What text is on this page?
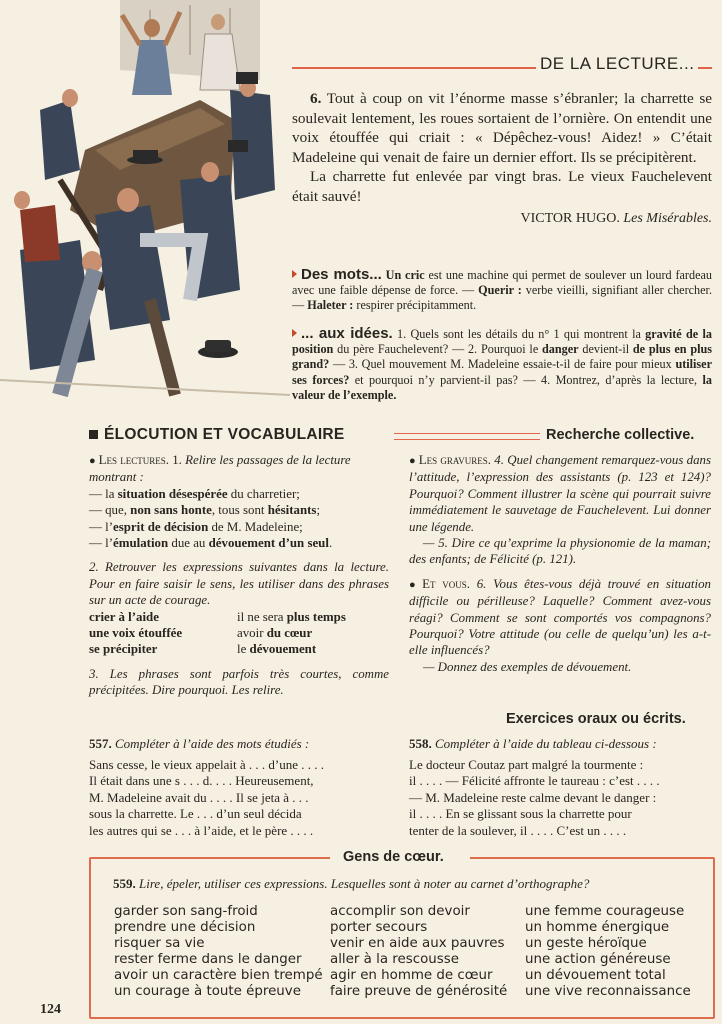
DE LA LECTURE...
6. Tout à coup on vit l’énorme masse s’ébranler; la charrette se soulevait lentement, les roues sortaient de l’ornière. On entendit une voix étouffée qui criait : « Dépêchez-vous! Aidez! » C’était Madeleine qui venait de faire un dernier effort. Ils se précipitèrent.
La charrette fut enlevée par vingt bras. Le vieux Fauchelevent était sauvé!
VICTOR HUGO. Les Misérables.
Des mots... Un cric est une machine qui permet de soulever un lourd fardeau avec une faible dépense de force. — Querir : verbe vieilli, signifiant aller chercher. — Haleter : respirer précipitamment.
... aux idées. 1. Quels sont les détails du n° 1 qui montrent la gravité de la position du père Fauchelevent? — 2. Pourquoi le danger devient-il de plus en plus grand? — 3. Quel mouvement M. Madeleine essaie-t-il de faire pour mieux utiliser ses forces? et pourquoi n’y parvient-il pas? — 4. Montrez, d’après la lecture, la valeur de l’exemple.
ÉLOCUTION ET VOCABULAIRE	Recherche collective.

● Les lectures. 1. Relire les passages de la lecture montrant :

— la situation désespérée du charretier;

— que, non sans honte, tous sont hésitants;

— l’esprit de décision de M. Madeleine;

— l’émulation due au dévouement d’un seul.

2. Retrouver les expressions suivantes dans la lecture. Pour en faire saisir le sens, les utiliser dans des phrases sur un acte de courage.

crier à l’aide
une voix étouffée
se précipiter
il ne sera plus temps
avoir du cœur
le dévouement

3. Les phrases sont parfois très courtes, comme précipitées. Dire pourquoi. Les relire.

● Les gravures. 4. Quel changement remarquez-vous dans l’attitude, l’expression des assistants (p. 123 et 124)? Pourquoi? Comment illustrer la scène qui pourrait suivre immédiatement le sauvetage de Fauchelevent. Lui donner une légende.

— 5. Dire ce qu’exprime la physionomie de la maman; des enfants; de Félicité (p. 121).

● Et vous. 6. Vous êtes-vous déjà trouvé en situation difficile ou périlleuse? Laquelle? Comment avez-vous réagi? Comment se sont comportés vos compagnons? Pourquoi? Votre attitude (ou celle de quelqu’un) les a-t-elle influencés?

— Donnez des exemples de dévouement.

Exercices oraux ou écrits.
557. Compléter à l’aide des mots étudiés :
Sans cesse, le vieux appelait à . . . d’une . . . .
Il était dans une s . . . d. . . . Heureusement,
M. Madeleine avait du . . . . Il se jeta à . . .
sous la charrette. Le . . . d’un seul décida
les autres qui se . . . à l’aide, et le père . . . .
558. Compléter à l’aide du tableau ci-dessous :
Le docteur Coutaz part malgré la tourmente :
il . . . . — Félicité affronte le taureau : c’est . . . .
— M. Madeleine reste calme devant le danger :
il . . . . En se glissant sous la charrette pour
tenter de la soulever, il . . . . C’est un . . . .
Gens de cœur.
559. Lire, épeler, utiliser ces expressions. Lesquelles sont à noter au carnet d’orthographe?
garder son sang-froid
prendre une décision
risquer sa vie
rester ferme dans le danger
avoir un caractère bien trempé
un courage à toute épreuve
accomplir son devoir
porter secours
venir en aide aux pauvres
aller à la rescousse
agir en homme de cœur
faire preuve de générosité
une femme courageuse
un homme énergique
un geste héroïque
une action généreuse
un dévouement total
une vive reconnaissance
124
